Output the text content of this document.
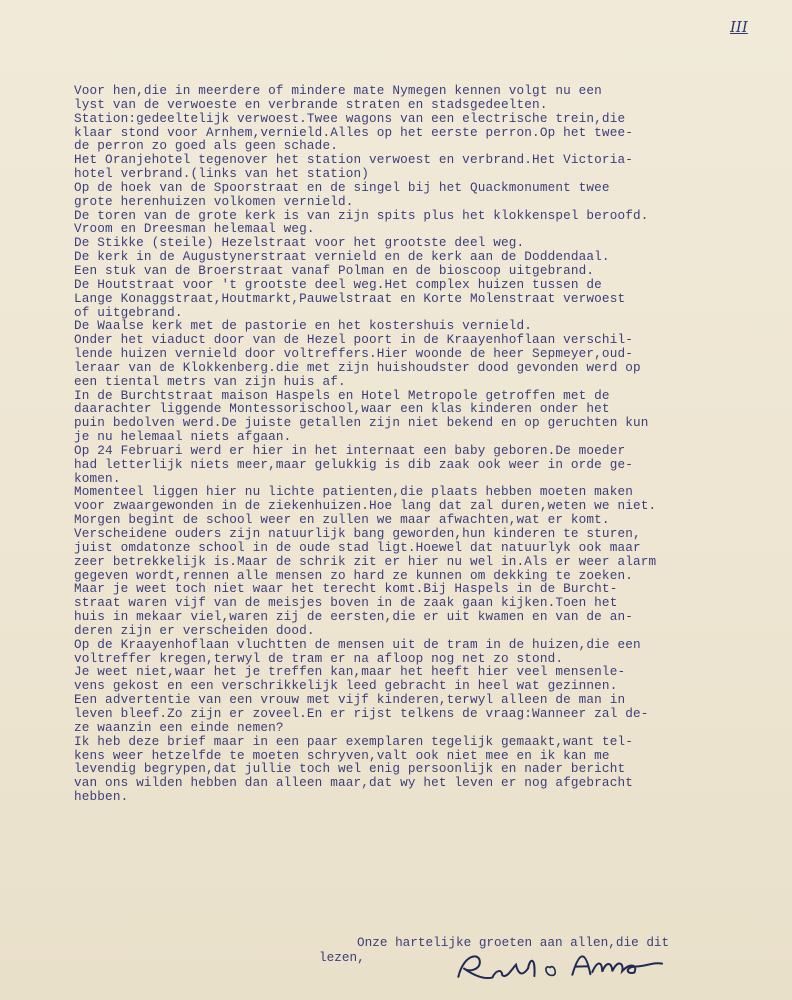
III
Voor hen,die in meerdere of mindere mate Nymegen kennen volgt nu een
lyst van de verwoeste en verbrande straten en stadsgedeelten.
Station:gedeeltelijk verwoest.Twee wagons van een electrische trein,die
klaar stond voor Arnhem,vernield.Alles op het eerste perron.Op het twee-
de perron zo goed als geen schade.
Het Oranjehotel tegenover het station verwoest en verbrand.Het Victoria-
hotel verbrand.(links van het station)
Op de hoek van de Spoorstraat en de singel bij het Quackmonument twee
grote herenhuizen volkomen vernield.
De toren van de grote kerk is van zijn spits plus het klokkenspel beroofd.
Vroom en Dreesman helemaal weg.
De Stikke (steile) Hezelstraat voor het grootste deel weg.
De kerk in de Augustynerstraat vernield en de kerk aan de Doddendaal.
Een stuk van de Broerstraat vanaf Polman en de bioscoop uitgebrand.
De Houtstraat voor 't grootste deel weg.Het complex huizen tussen de
Lange Konaggstraat,Houtmarkt,Pauwelstraat en Korte Molenstraat verwoest
of uitgebrand.
De Waalse kerk met de pastorie en het kostershuis vernield.
Onder het viaduct door van de Hezel poort in de Kraayenhoflaan verschil-
lende huizen vernield door voltreffers.Hier woonde de heer Sepmeyer,oud-
leraar van de Klokkenberg.die met zijn huishoudster dood gevonden werd op
een tiental metrs van zijn huis af.
In de Burchtstraat maison Haspels en Hotel Metropole getroffen met de
daarachter liggende Montessorischool,waar een klas kinderen onder het
puin bedolven werd.De juiste getallen zijn niet bekend en op geruchten kun
je nu helemaal niets afgaan.
Op 24 Februari werd er hier in het internaat een baby geboren.De moeder
had letterlijk niets meer,maar gelukkig is dib zaak ook weer in orde ge-
komen.
Momenteel liggen hier nu lichte patienten,die plaats hebben moeten maken
voor zwaargewonden in de ziekenhuizen.Hoe lang dat zal duren,weten we niet.
Morgen begint de school weer en zullen we maar afwachten,wat er komt.
Verscheidene ouders zijn natuurlijk bang geworden,hun kinderen te sturen,
juist omdatonze school in de oude stad ligt.Hoewel dat natuurlyk ook maar
zeer betrekkelijk is.Maar de schrik zit er hier nu wel in.Als er weer alarm
gegeven wordt,rennen alle mensen zo hard ze kunnen om dekking te zoeken.
Maar je weet toch niet waar het terecht komt.Bij Haspels in de Burcht-
straat waren vijf van de meisjes boven in de zaak gaan kijken.Toen het
huis in mekaar viel,waren zij de eersten,die er uit kwamen en van de an-
deren zijn er verscheiden dood.
Op de Kraayenhoflaan vluchtten de mensen uit de tram in de huizen,die een
voltreffer kregen,terwyl de tram er na afloop nog net zo stond.
Je weet niet,waar het je treffen kan,maar het heeft hier veel mensenle-
vens gekost en een verschrikkelijk leed gebracht in heel wat gezinnen.
Een advertentie van een vrouw met vijf kinderen,terwyl alleen de man in
leven bleef.Zo zijn er zoveel.En er rijst telkens de vraag:Wanneer zal de-
ze waanzin een einde nemen?
Ik heb deze brief maar in een paar exemplaren tegelijk gemaakt,want tel-
kens weer hetzelfde te moeten schryven,valt ook niet mee en ik kan me
levendig begrypen,dat jullie toch wel enig persoonlijk en nader bericht
van ons wilden hebben dan alleen maar,dat wy het leven er nog afgebracht
hebben.

Onze hartelijke groeten aan allen,die dit
lezen,
